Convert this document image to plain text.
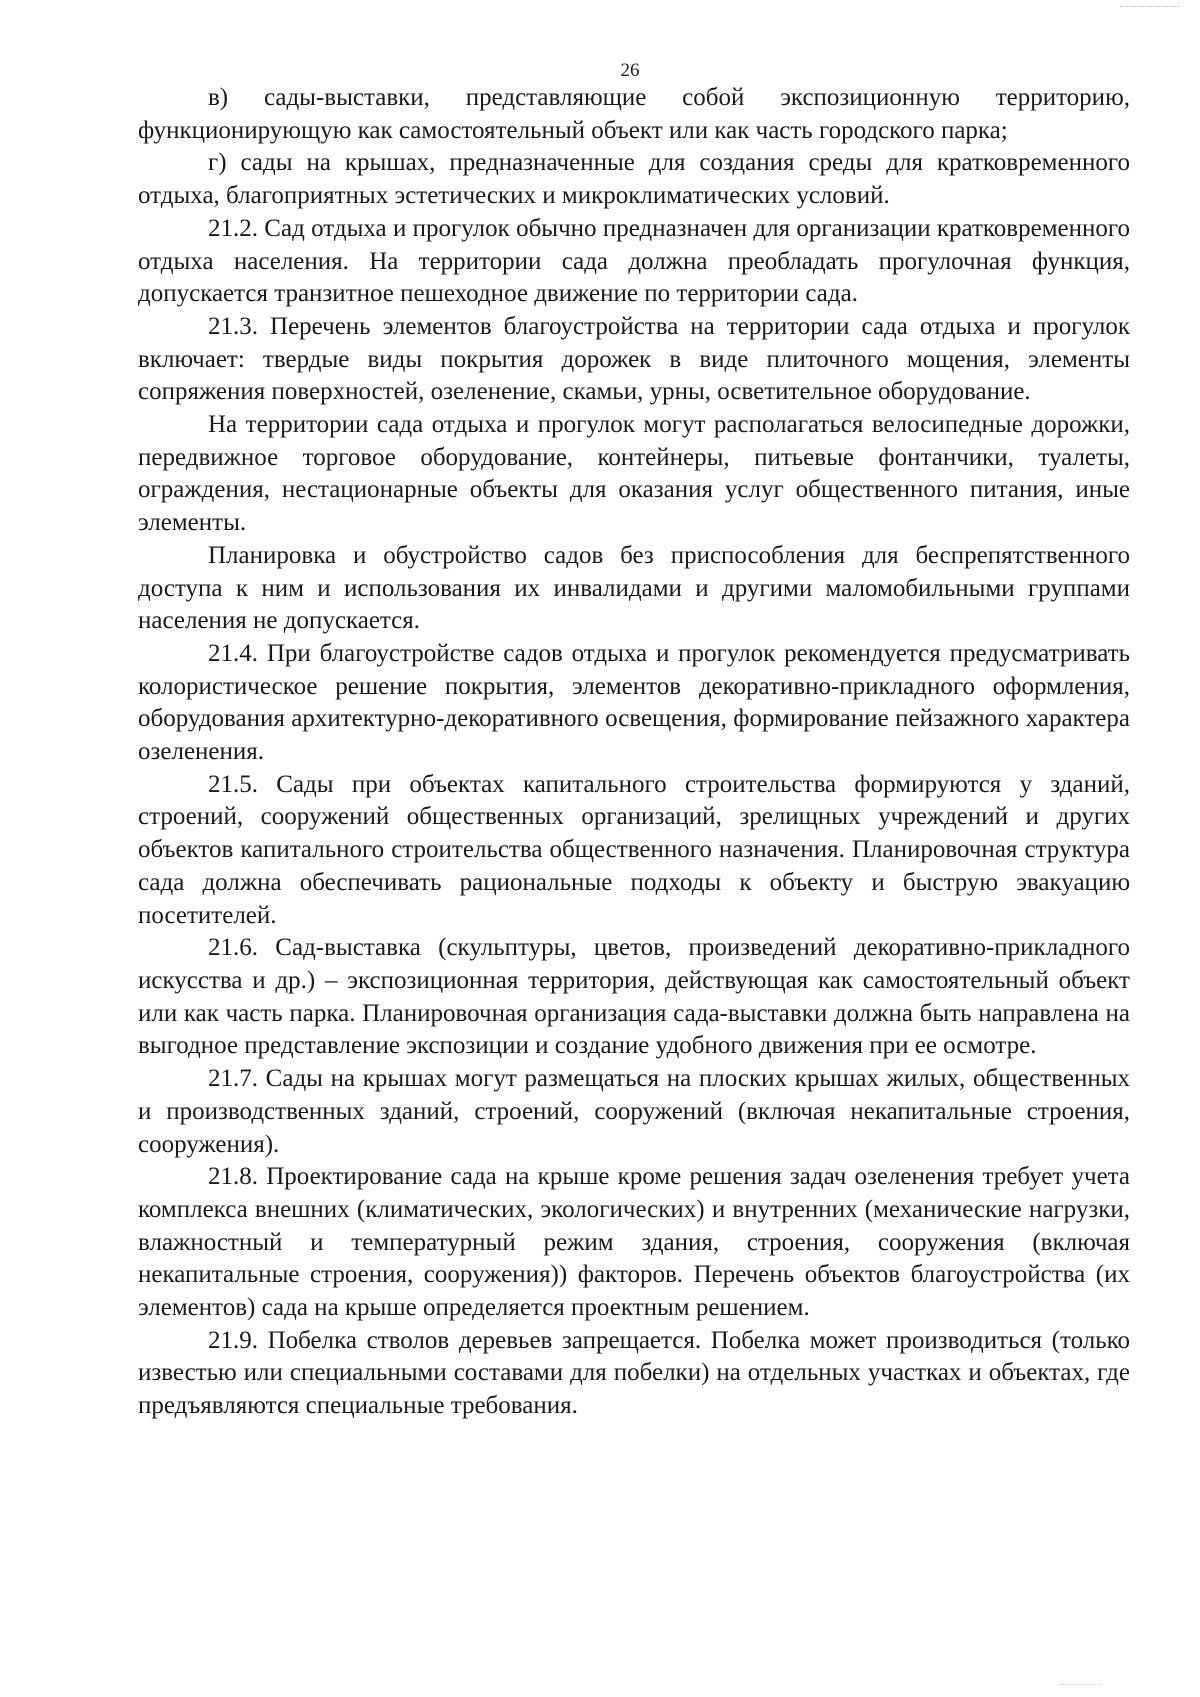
26

в) сады-выставки, представляющие собой экспозиционную территорию, функционирующую как самостоятельный объект или как часть городского парка;

г) сады на крышах, предназначенные для создания среды для кратковременного отдыха, благоприятных эстетических и микроклиматических условий.

21.2. Сад отдыха и прогулок обычно предназначен для организации кратковременного отдыха населения. На территории сада должна преобладать прогулочная функция, допускается транзитное пешеходное движение по территории сада.

21.3. Перечень элементов благоустройства на территории сада отдыха и прогулок включает: твердые виды покрытия дорожек в виде плиточного мощения, элементы сопряжения поверхностей, озеленение, скамьи, урны, осветительное оборудование.

На территории сада отдыха и прогулок могут располагаться велосипедные дорожки, передвижное торговое оборудование, контейнеры, питьевые фонтанчики, туалеты, ограждения, нестационарные объекты для оказания услуг общественного питания, иные элементы.

Планировка и обустройство садов без приспособления для беспрепятственного доступа к ним и использования их инвалидами и другими маломобильными группами населения не допускается.

21.4. При благоустройстве садов отдыха и прогулок рекомендуется предусматривать колористическое решение покрытия, элементов декоративно-прикладного оформления, оборудования архитектурно-декоративного освещения, формирование пейзажного характера озеленения.

21.5. Сады при объектах капитального строительства формируются у зданий, строений, сооружений общественных организаций, зрелищных учреждений и других объектов капитального строительства общественного назначения. Планировочная структура сада должна обеспечивать рациональные подходы к объекту и быструю эвакуацию посетителей.

21.6. Сад-выставка (скульптуры, цветов, произведений декоративно-прикладного искусства и др.) – экспозиционная территория, действующая как самостоятельный объект или как часть парка. Планировочная организация сада-выставки должна быть направлена на выгодное представление экспозиции и создание удобного движения при ее осмотре.

21.7. Сады на крышах могут размещаться на плоских крышах жилых, общественных и производственных зданий, строений, сооружений (включая некапитальные строения, сооружения).

21.8. Проектирование сада на крыше кроме решения задач озеленения требует учета комплекса внешних (климатических, экологических) и внутренних (механические нагрузки, влажностный и температурный режим здания, строения, сооружения (включая некапитальные строения, сооружения)) факторов. Перечень объектов благоустройства (их элементов) сада на крыше определяется проектным решением.

21.9. Побелка стволов деревьев запрещается. Побелка может производиться (только известью или специальными составами для побелки) на отдельных участках и объектах, где предъявляются специальные требования.
